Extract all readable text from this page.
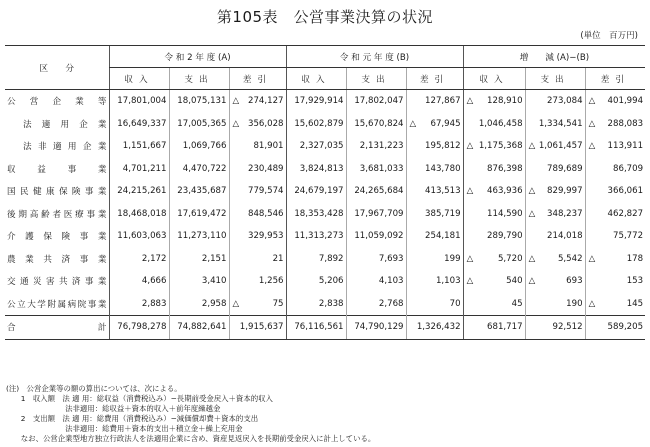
第105表　公営事業決算の状況
(単位　百万円)
区　　分	令 和 2 年 度 (A)			令 和 元 年 度 (B)			増　　減 (A)−(B)		
	収入	支出	差引	収入	支出	差引	収入	支出	差引
公営企業等	17,801,004	18,075,131	△ 274,127	17,929,914	17,802,047	127,867	△ 128,910	273,084	△ 401,994
法適用企業	16,649,337	17,005,365	△ 356,028	15,602,879	15,670,824	△ 67,945	1,046,458	1,334,541	△ 288,083
法非適用企業	1,151,667	1,069,766	81,901	2,327,035	2,131,223	195,812	△ 1,175,368	△ 1,061,457	△ 113,911
収益事業	4,701,211	4,470,722	230,489	3,824,813	3,681,033	143,780	876,398	789,689	86,709
国民健康保険事業	24,215,261	23,435,687	779,574	24,679,197	24,265,684	413,513	△ 463,936	△ 829,997	366,061
後期高齢者医療事業	18,468,018	17,619,472	848,546	18,353,428	17,967,709	385,719	114,590	△ 348,237	462,827
介護保険事業	11,603,063	11,273,110	329,953	11,313,273	11,059,092	254,181	289,790	214,018	75,772
農業共済事業	2,172	2,151	21	7,892	7,693	199	△ 5,720	△ 5,542	△ 178
交通災害共済事業	4,666	3,410	1,256	5,206	4,103	1,103	△ 540	△ 693	153
公立大学附属病院事業	2,883	2,958	△ 75	2,838	2,768	70	45	190	△ 145
合　　計	76,798,278	74,882,641	1,915,637	76,116,561	74,790,129	1,326,432	681,717	92,512	589,205
(注)　公営企業等の額の算出については、次による。
　　1　収入額　法 適 用：総収益（消費税込み）−長期前受金戻入＋資本的収入
　　　　　　　　法非適用：総収益＋資本的収入＋前年度繰越金
　　2　支出額　法 適 用：総費用（消費税込み）−減価償却費＋資本的支出
　　　　　　　　法非適用：総費用＋資本的支出＋積立金＋繰上充用金
　　なお、公営企業型地方独立行政法人を法適用企業に含め、資産見返戻入を長期前受金戻入に計上している。
